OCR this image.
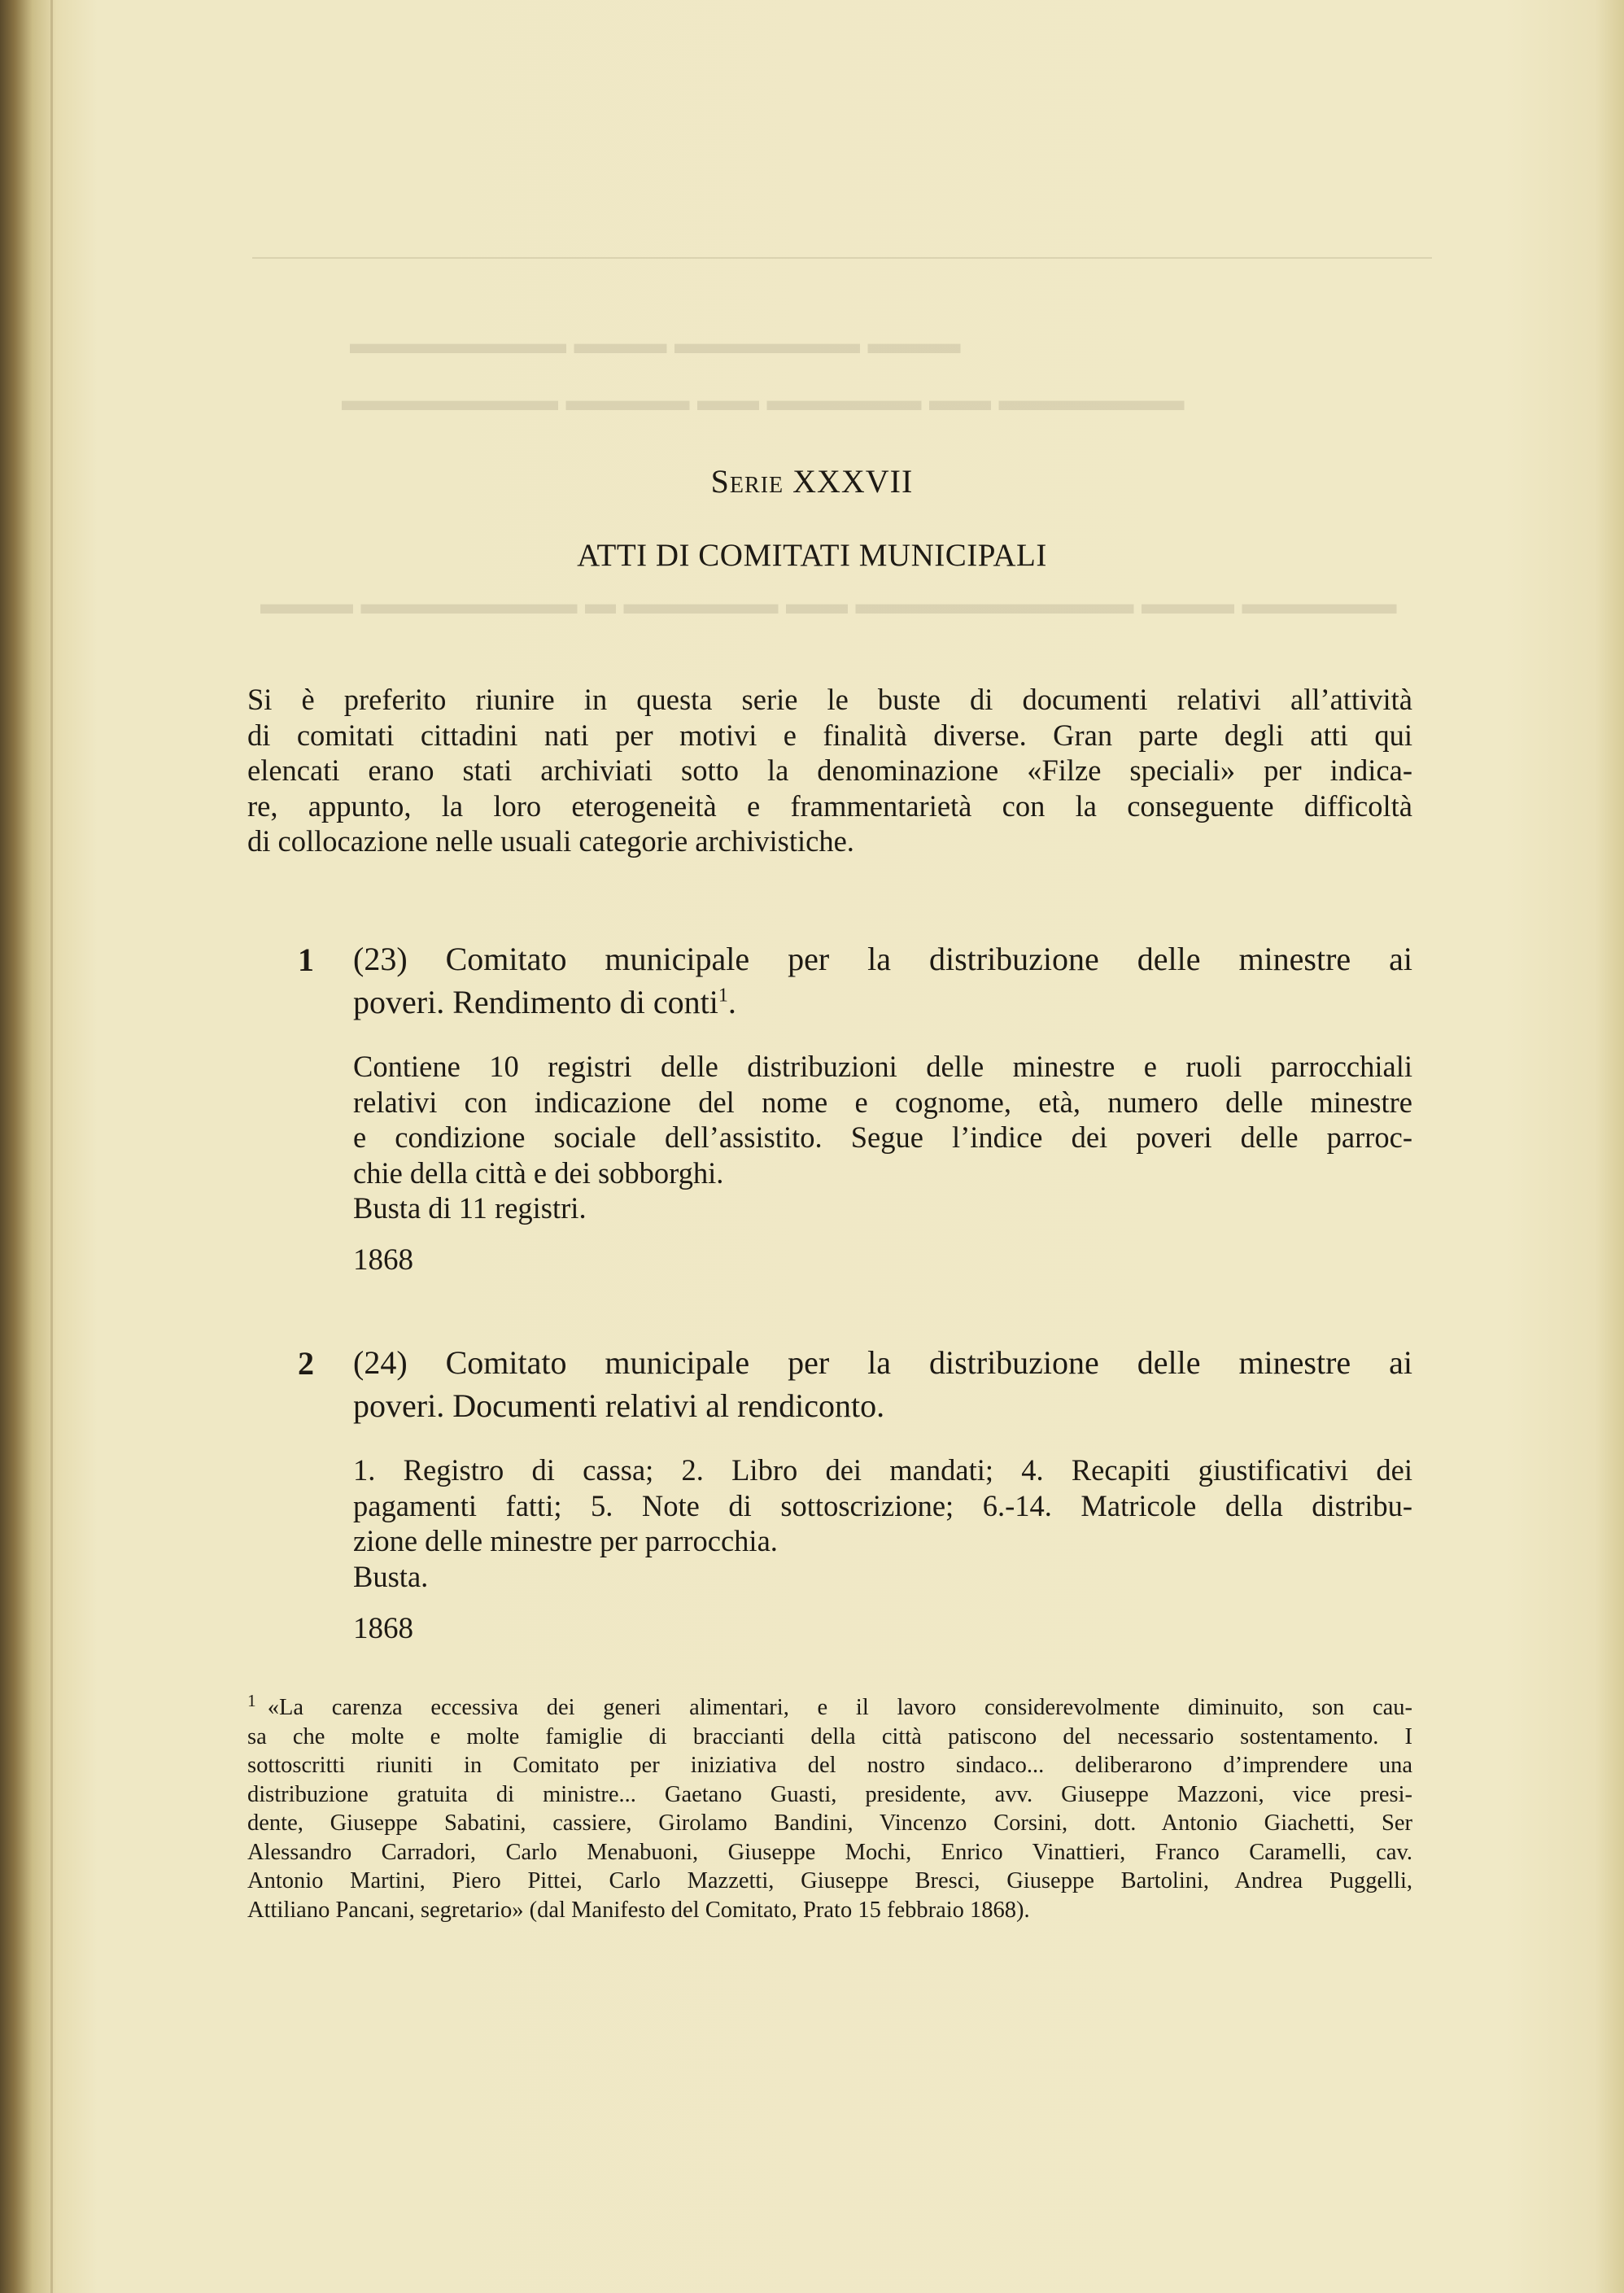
▬▬▬ ▬▬▬▬▬▬ ▬▬▬ ▬▬▬▬▬▬▬
▬▬▬▬▬▬ ▬▬ ▬▬▬▬▬ ▬▬ ▬▬▬▬ ▬▬▬▬▬▬▬
▬▬▬▬▬ ▬▬▬ ▬▬▬▬▬▬▬▬▬ ▬▬ ▬▬▬▬▬ ▬ ▬▬▬▬▬▬▬ ▬▬▬
Serie XXXVII
ATTI DI COMITATI MUNICIPALI

Si è preferito riunire in questa serie le buste di documenti relativi all’attività
di comitati cittadini nati per motivi e finalità diverse. Gran parte degli atti qui
elencati erano stati archiviati sotto la denominazione «Filze speciali» per indica-
re, appunto, la loro eterogeneità e frammentarietà con la conseguente difficoltà
di collocazione nelle usuali categorie archivistiche.

1 (23) Comitato municipale per la distribuzione delle minestre ai
poveri. Rendimento di conti$^1$.

Contiene 10 registri delle distribuzioni delle minestre e ruoli parrocchiali
relativi con indicazione del nome e cognome, età, numero delle minestre
e condizione sociale dell’assistito. Segue l’indice dei poveri delle parroc-
chie della città e dei sobborghi.
Busta di 11 registri.

1868
2 (24) Comitato municipale per la distribuzione delle minestre ai
poveri. Documenti relativi al rendiconto.

1. Registro di cassa; 2. Libro dei mandati; 4. Recapiti giustificativi dei
pagamenti fatti; 5. Note di sottoscrizione; 6.-14. Matricole della distribu-
zione delle minestre per parrocchia.
Busta.

1868

$^1$ «La carenza eccessiva dei generi alimentari, e il lavoro considerevolmente diminuito, son cau-
sa che molte e molte famiglie di braccianti della città patiscono del necessario sostentamento. I
sottoscritti riuniti in Comitato per iniziativa del nostro sindaco... deliberarono d’imprendere una
distribuzione gratuita di ministre... Gaetano Guasti, presidente, avv. Giuseppe Mazzoni, vice presi-
dente, Giuseppe Sabatini, cassiere, Girolamo Bandini, Vincenzo Corsini, dott. Antonio Giachetti, Ser
Alessandro Carradori, Carlo Menabuoni, Giuseppe Mochi, Enrico Vinattieri, Franco Caramelli, cav.
Antonio Martini, Piero Pittei, Carlo Mazzetti, Giuseppe Bresci, Giuseppe Bartolini, Andrea Puggelli,
Attiliano Pancani, segretario» (dal Manifesto del Comitato, Prato 15 febbraio 1868).
